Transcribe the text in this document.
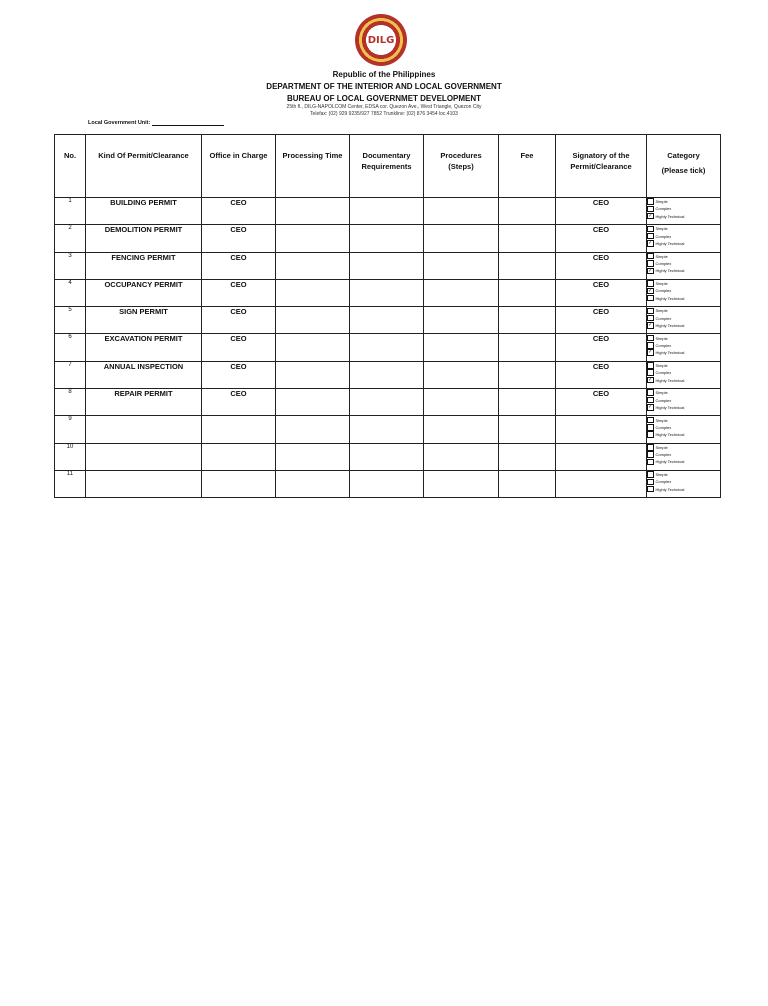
DILG
Republic of the Philippines
DEPARTMENT OF THE INTERIOR AND LOCAL GOVERNMENT
BUREAU OF LOCAL GOVERNMET DEVELOPMENT
25th fl., DILG-NAPOLCOM Center, EDSA cor. Quezon Ave., West Triangle, Quezon City
Telefax: (02) 929 9235/927 7852 Trunkline: (02) 876 3454 loc.4103
Local Government Unit:
No.	Kind Of Permit/Clearance	Office in Charge	Processing Time	Documentary
Requirements	Procedures
(Steps)	Fee	Signatory of the
Permit/Clearance	Category
(Please tick)

1	BUILDING PERMIT	CEO					CEO	Simple
Complex
✓ Highly Technical

2	DEMOLITION PERMIT	CEO					CEO	Simple
Complex
✓ Highly Technical

3	FENCING PERMIT	CEO					CEO	Simple
Complex
✓ Highly Technical

4	OCCUPANCY PERMIT	CEO					CEO	Simple
✓ Complex
Highly Technical

5	SIGN PERMIT	CEO					CEO	Simple
Complex
✓ Highly Technical

6	EXCAVATION PERMIT	CEO					CEO	Simple
Complex
✓ Highly Technical

7	ANNUAL INSPECTION	CEO					CEO	Simple
Complex
✓ Highly Technical

8	REPAIR PERMIT	CEO					CEO	Simple
Complex
✓ Highly Technical

9								Simple
Complex
Highly Technical

10								Simple
Complex
Highly Technical

11								Simple
Complex
Highly Technical
